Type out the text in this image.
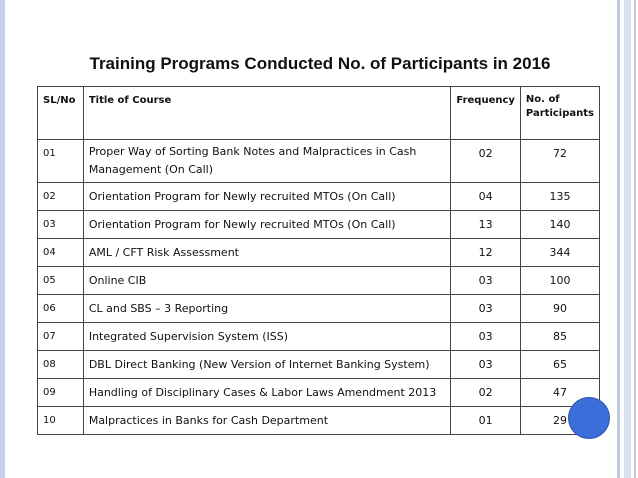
Training Programs Conducted No. of Participants in 2016
SL/No	Title of Course	Frequency	No. of
Participants
01	Proper Way of Sorting Bank Notes and Malpractices in Cash
Management (On Call)	02	72
02	Orientation Program for Newly recruited MTOs (On Call)	04	135
03	Orientation Program for Newly recruited MTOs (On Call)	13	140
04	AML / CFT Risk Assessment	12	344
05	Online CIB	03	100
06	CL and SBS – 3 Reporting	03	90
07	Integrated Supervision System (ISS)	03	85
08	DBL Direct Banking (New Version of Internet Banking System)	03	65
09	Handling of Disciplinary Cases & Labor Laws Amendment 2013	02	47
10	Malpractices in Banks for Cash Department	01	29
